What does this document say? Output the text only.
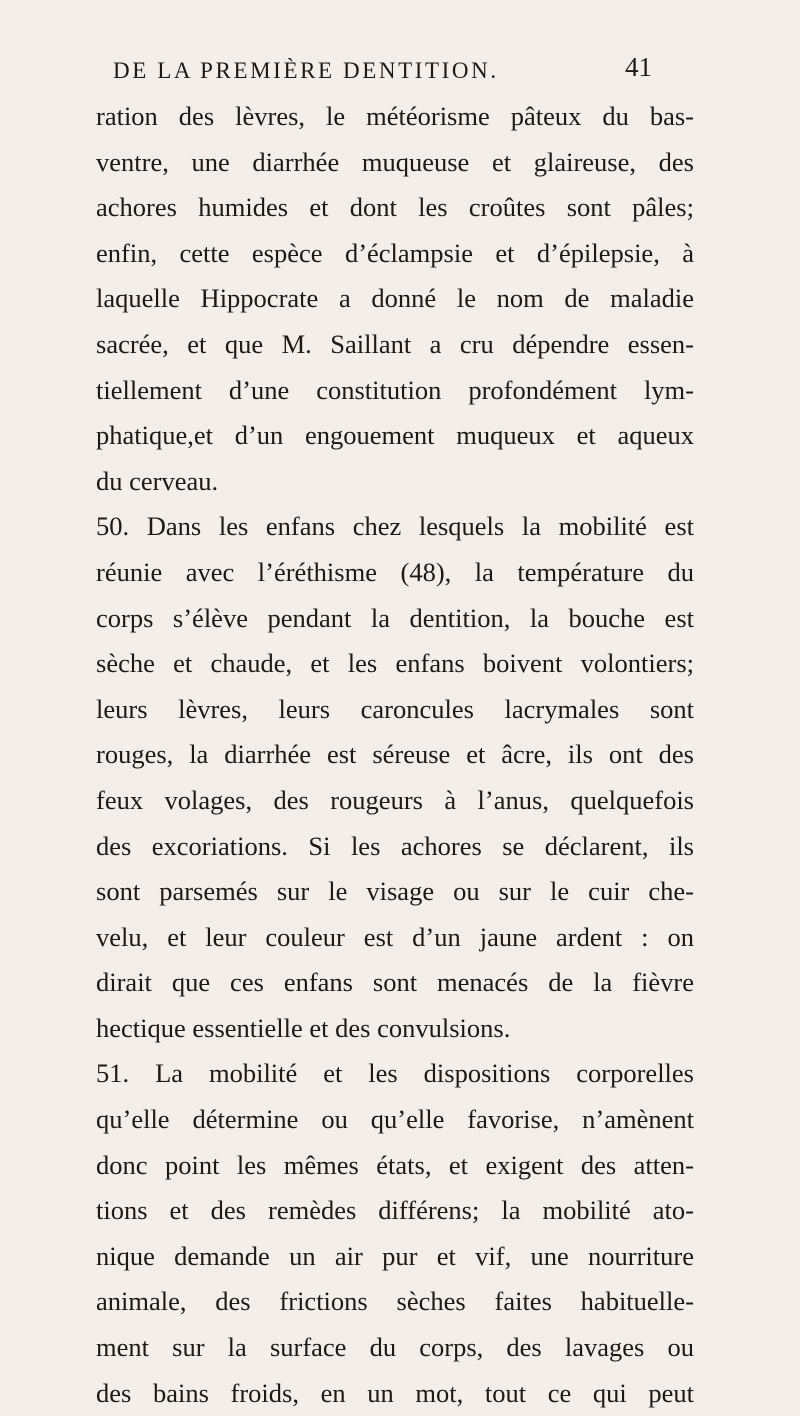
DE LA PREMIÈRE DENTITION.	41
ration des lèvres, le météorisme pâteux du bas-
ventre, une diarrhée muqueuse et glaireuse, des
achores humides et dont les croûtes sont pâles;
enfin, cette espèce d’éclampsie et d’épilepsie, à
laquelle Hippocrate a donné le nom de maladie
sacrée, et que M. Saillant a cru dépendre essen-
tiellement d’une constitution profondément lym-
phatique,et d’un engouement muqueux et aqueux
du cerveau.
50. Dans les enfans chez lesquels la mobilité est
réunie avec l’éréthisme (48), la température du
corps s’élève pendant la dentition, la bouche est
sèche et chaude, et les enfans boivent volontiers;
leurs lèvres, leurs caroncules lacrymales sont
rouges, la diarrhée est séreuse et âcre, ils ont des
feux volages, des rougeurs à l’anus, quelquefois
des excoriations. Si les achores se déclarent, ils
sont parsemés sur le visage ou sur le cuir che-
velu, et leur couleur est d’un jaune ardent : on
dirait que ces enfans sont menacés de la fièvre
hectique essentielle et des convulsions.
51. La mobilité et les dispositions corporelles
qu’elle détermine ou qu’elle favorise, n’amènent
donc point les mêmes états, et exigent des atten-
tions et des remèdes différens; la mobilité ato-
nique demande un air pur et vif, une nourriture
animale, des frictions sèches faites habituelle-
ment sur la surface du corps, des lavages ou
des bains froids, en un mot, tout ce qui peut
